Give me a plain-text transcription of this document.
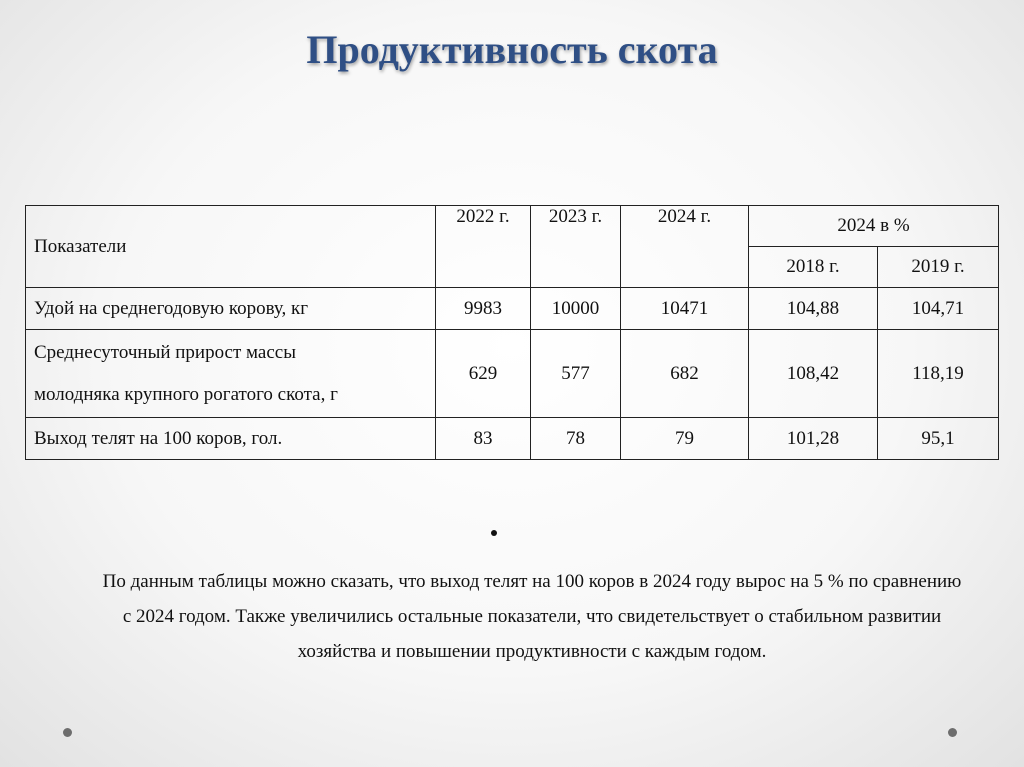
Продуктивность скота
Показатели	2022 г.	2023 г.	2024 г.	2024 в %	
				2018 г.	2019 г.
Удой на среднегодовую корову, кг	9983	10000	10471	104,88	104,71

Среднесуточный прирост массы
молодняка крупного рогатого скота, г	629	577	682	108,42	118,19
Выход телят на 100 коров, гол.	83	78	79	101,28	95,1
По данным таблицы можно сказать, что выход телят на 100 коров в 2024 году вырос на 5 % по сравнению с 2024 годом. Также увеличились остальные показатели, что свидетельствует о стабильном развитии хозяйства и повышении продуктивности с каждым годом.
